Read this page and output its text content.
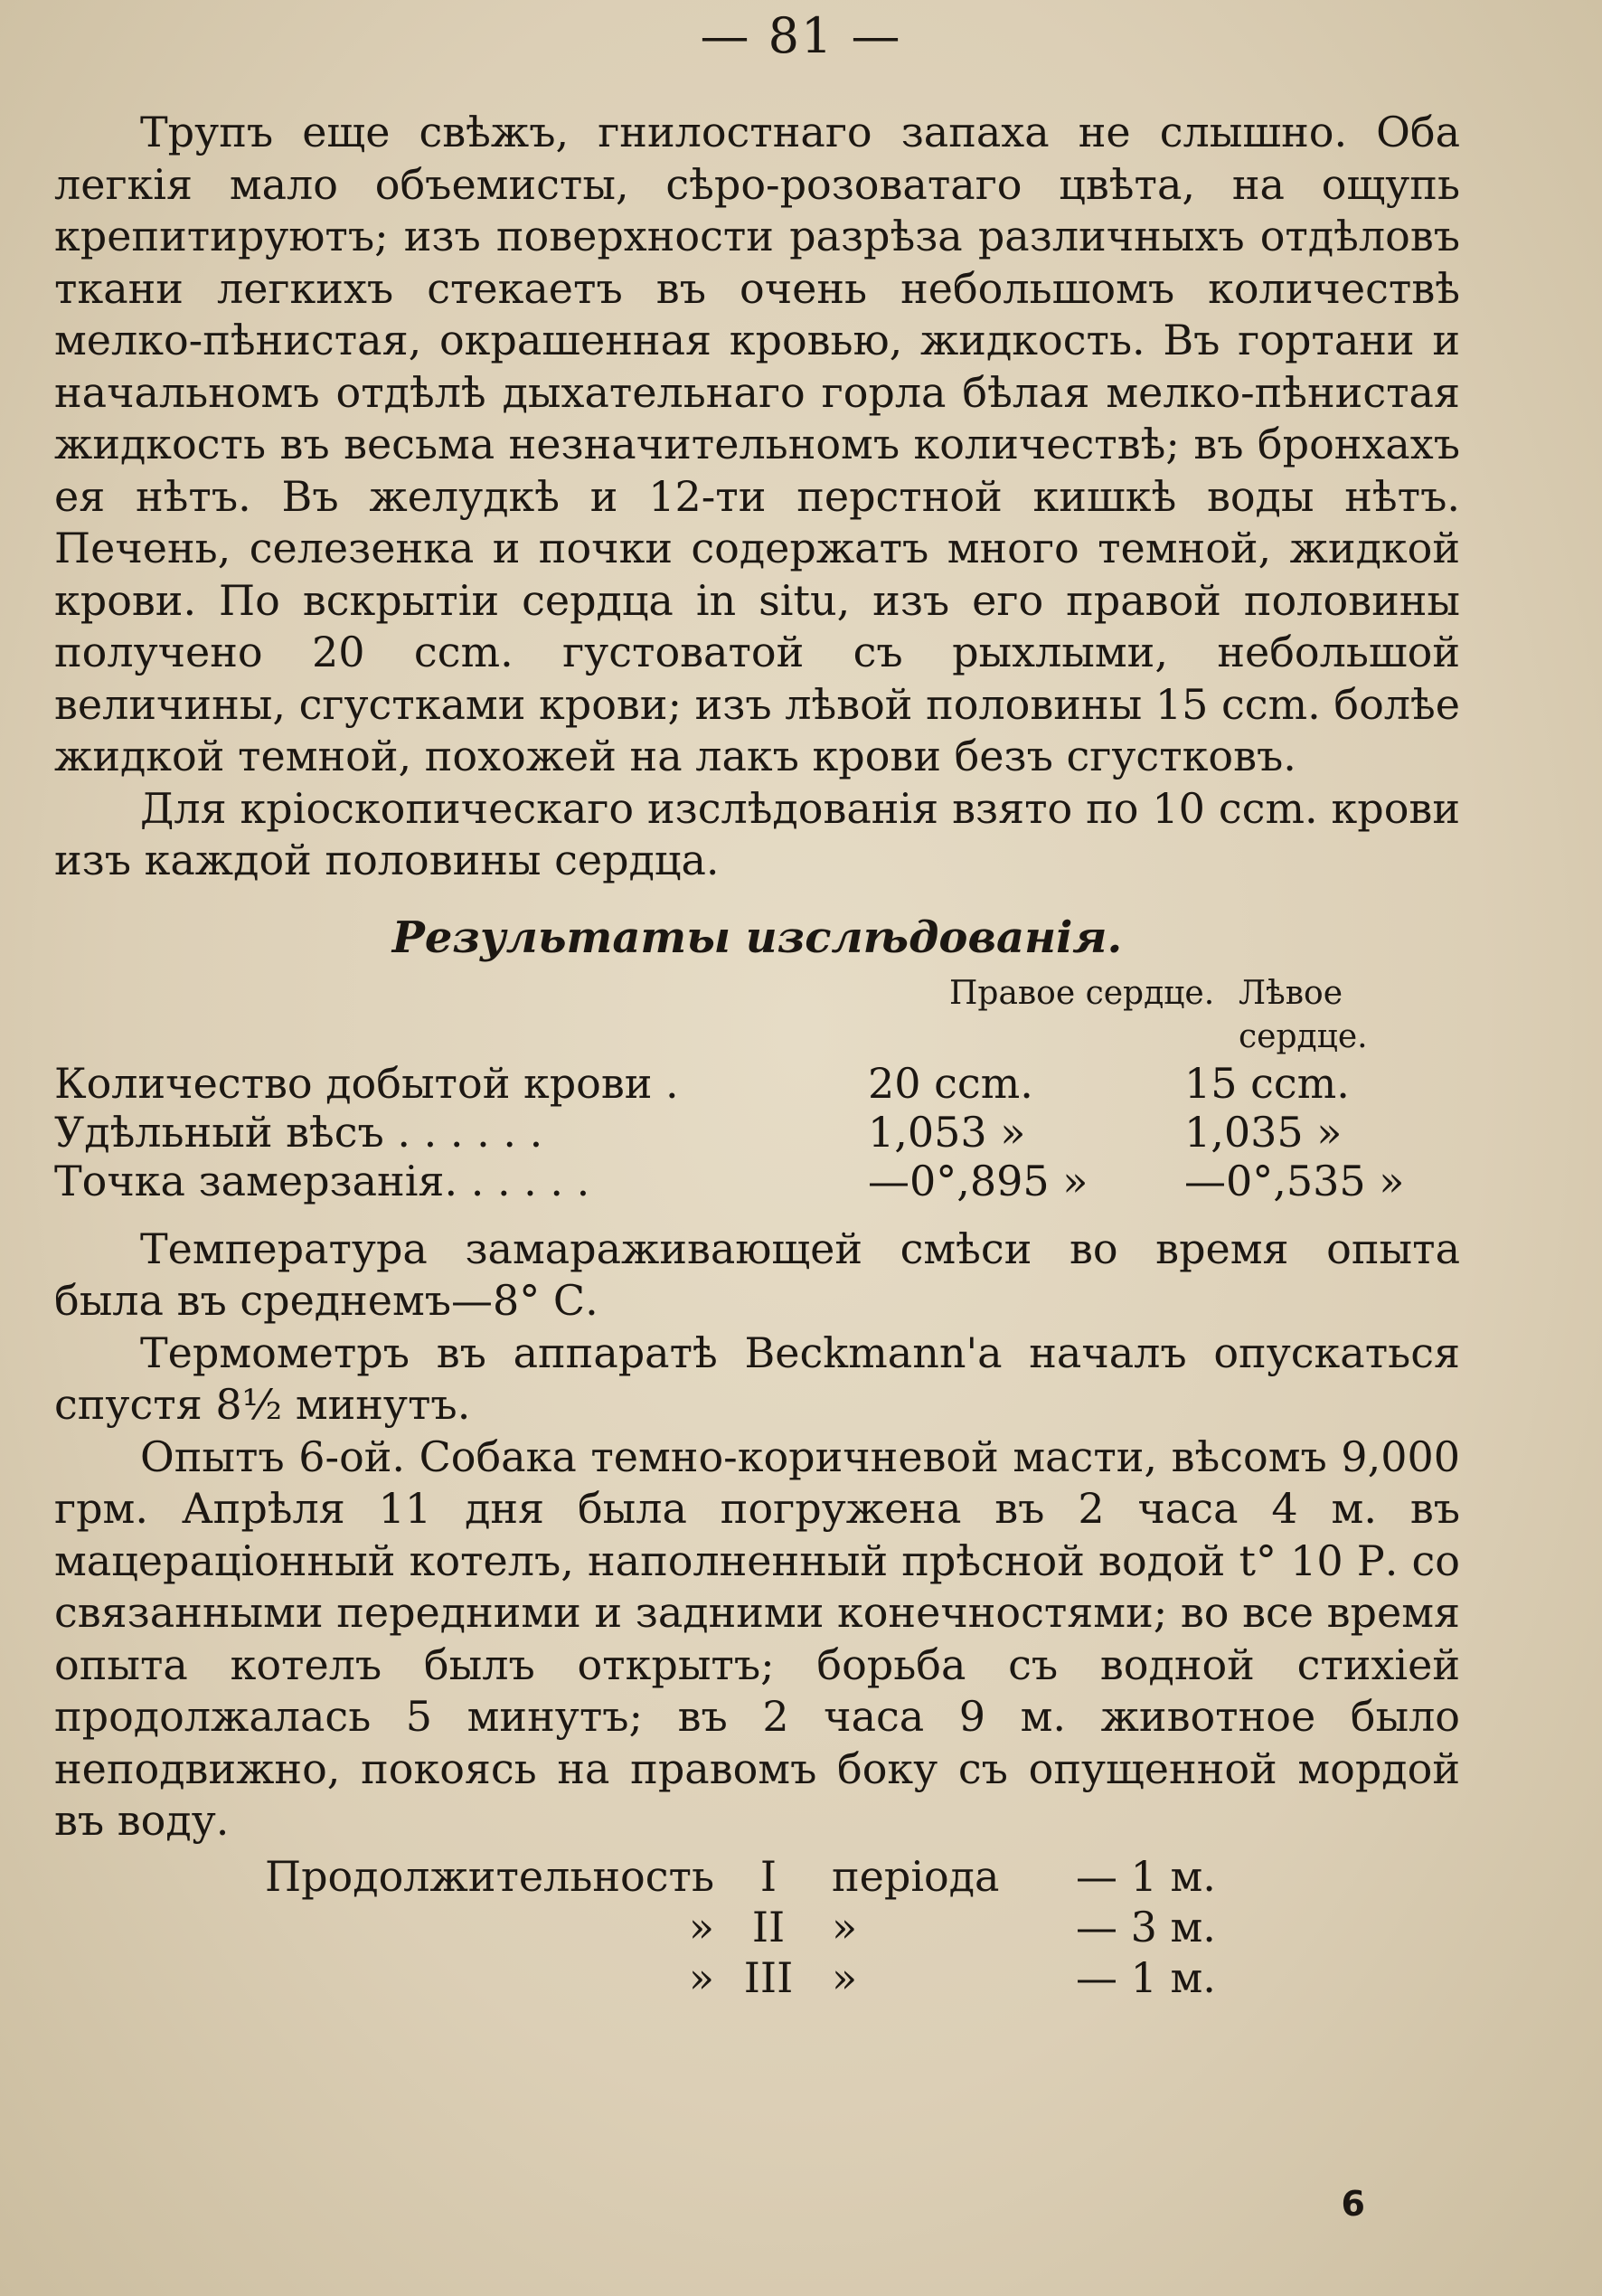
— 81 —

Трупъ еще свѣжъ, гнилостнаго запаха не слышно. Оба легкія мало объемисты, сѣро-розоватаго цвѣта, на ощупь крепитируютъ; изъ поверхности разрѣза различныхъ отдѣловъ ткани легкихъ стекаетъ въ очень небольшомъ количествѣ мелко-пѣнистая, окрашенная кровью, жидкость. Въ гортани и начальномъ отдѣлѣ дыхательнаго горла бѣлая мелко-пѣнистая жидкость въ весьма незначительномъ количествѣ; въ бронхахъ ея нѣтъ. Въ желудкѣ и 12-ти перстной кишкѣ воды нѣтъ. Печень, селезенка и почки содержатъ много темной, жидкой крови. По вскрытіи сердца in situ, изъ его правой половины получено 20 ccm. густоватой съ рыхлыми, небольшой величины, сгустками крови; изъ лѣвой половины 15 ccm. болѣе жидкой темной, похожей на лакъ крови безъ сгустковъ.

Для кріоскопическаго изслѣдованія взято по 10 ccm. крови изъ каждой половины сердца.

Результаты изслѣдованія.
Правое сердце. Лѣвое сердце.
Количество добытой крови .	20 ccm.	15 ccm.
Удѣльный вѣсъ . . . . . .	1,053 »	1,035 »
Точка замерзанія. . . . . .	—0°,895 »	—0°,535 »

Температура замараживающей смѣси во время опыта была въ среднемъ—8° С.

Термометръ въ аппаратѣ Beckmann'а началъ опускаться спустя 8½ минутъ.

Опытъ 6-ой. Собака темно-коричневой масти, вѣсомъ 9,000 грм. Апрѣля 11 дня была погружена въ 2 часа 4 м. въ мацераціонный котелъ, наполненный прѣсной водой t° 10 Р. со связанными передними и задними конечностями; во все время опыта котелъ былъ открытъ; борьба съ водной стихіей продолжалась 5 минутъ; въ 2 часа 9 м. животное было неподвижно, покоясь на правомъ боку съ опущенной мордой въ воду.

Продолжительность	I	періода	— 1 м.
» II	»	— 3 м.
» III »	— 1 м.
6
